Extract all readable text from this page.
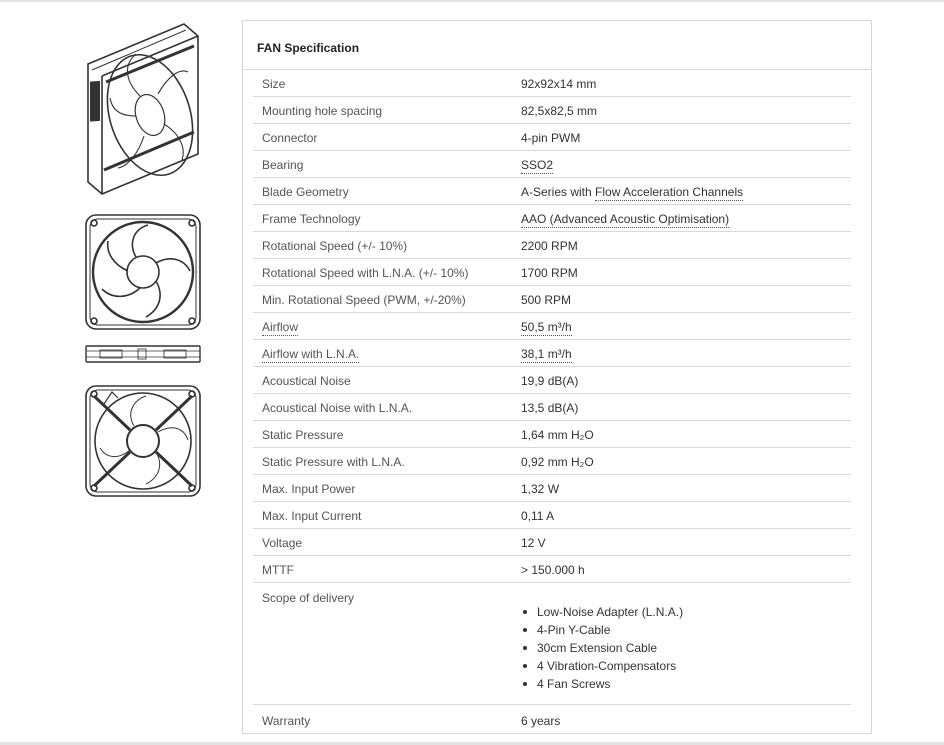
FAN Specification
Size	92x92x14 mm
Mounting hole spacing	82,5x82,5 mm
Connector	4-pin PWM
Bearing	SSO2
Blade Geometry	A-Series with Flow Acceleration Channels
Frame Technology	AAO (Advanced Acoustic Optimisation)
Rotational Speed (+/- 10%)	2200 RPM
Rotational Speed with L.N.A. (+/- 10%)	1700 RPM
Min. Rotational Speed (PWM, +/-20%)	500 RPM
Airflow	50,5 m³/h
Airflow with L.N.A.	38,1 m³/h
Acoustical Noise	19,9 dB(A)
Acoustical Noise with L.N.A.	13,5 dB(A)
Static Pressure	1,64 mm H₂O
Static Pressure with L.N.A.	0,92 mm H₂O
Max. Input Power	1,32 W
Max. Input Current	0,11 A
Voltage	12 V
MTTF	> 150.000 h
Scope of delivery
Low-Noise Adapter (L.N.A.)
4-Pin Y-Cable
30cm Extension Cable
4 Vibration-Compensators
4 Fan Screws
Warranty	6 years
